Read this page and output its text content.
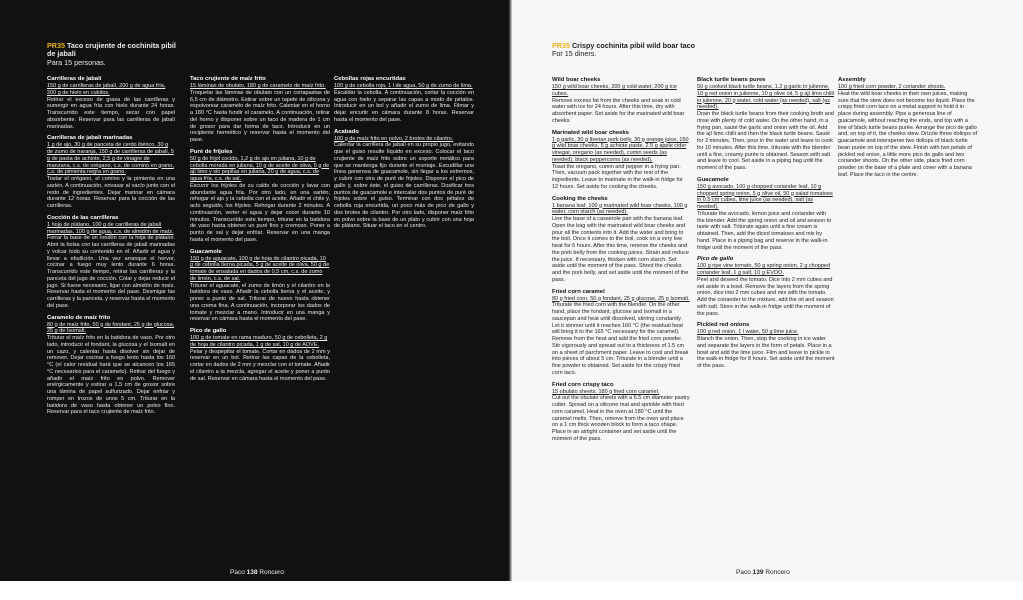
PR35 Taco crujiente de cochinita pibil de jabalí
Para 15 personas.
Carrilleras de jabalí

150 g de carrilleras de jabalí, 200 g de agua fría, 200 g de hielo en cubitos.

Retirar el exceso de grasa de las carrilleras y sumergir en agua fría con hielo durante 24 horas. Transcurrido este tiempo, secar con papel absorbente. Reservar para las carrilleras de jabalí marinadas.

Carrilleras de jabalí marinadas

1 g de ajo, 30 g de panceta de cerdo ibérico, 30 g de zumo de naranja, 150 g de carrilleras de jabalí, 5 g de pasta de achiote, 2,5 g de vinagre de manzana, c.s. de orégano, c.s. de comino en grano, c.s. de pimienta negra en grano.

Tostar el orégano, el comino y la pimienta en una sartén. A continuación, envasar al vacío junto con el resto de ingredientes. Dejar marinar en cámara durante 12 horas. Reservar para la cocción de las carrilleras.

Cocción de las carrilleras

1 hoja de plátano, 100 g de carrilleras de jabalí marinadas, 100 g de agua, c.s. de almidón de maíz.

Forrar la base de un rondón con la hoja de plátano. Abrir la bolsa con las carrilleras de jabalí marinadas y volcar todo su contenido en él. Añadir el agua y llevar a ebullición. Una vez arranque el hervor, cocinar a fuego muy lento durante 6 horas. Transcurrido este tiempo, retirar las carrilleras y la panceta del jugo de cocción. Colar y dejar reducir el jugo. Si fuese necesario, ligar con almidón de maíz. Reservar hasta el momento del pase. Desmigar las carrilleras y la panceta, y reservar hasta el momento del pase.

Caramelo de maíz frito

80 g de maíz frito, 50 g de fondant, 25 g de glucosa, 25 g de Isomalt.

Triturar el maíz frito en la batidora de vaso. Por otro lado, introducir el fondant, la glucosa y el Isomalt en un cazo, y calentar hasta disolver sin dejar de remover. Dejar cocinar a fuego lento hasta los 160 °C (el calor residual hará que se alcancen los 165 °C necesarios para el caramelo). Retirar del fuego y añadir el maíz frito en polvo. Remover enérgicamente y estirar a 1,5 cm de grosor sobre una lámina de papel sulfurizado. Dejar enfriar y romper en trozos de unos 5 cm. Triturar en la batidora de vaso hasta obtener un polvo fino. Reservar para el taco crujiente de maíz frito.

Taco crujiente de maíz frito

15 láminas de obulato, 180 g de caramelo de maíz frito.

Troquelar las láminas de obulato con un cortapastas de 6,5 cm de diámetro. Estirar sobre un tapete de silicona y espolvorear caramelo de maíz frito. Calentar en el horno a 180 °C hasta fundir el caramelo. A continuación, retirar del horno y disponer sobre un taco de madera de 1 cm de grosor para dar forma de taco. Introducir en un recipiente hermético y reservar hasta el momento del pase.

Puré de frijoles

50 g de frijol cocido, 1,2 g de ajo en juliana, 10 g de cebolla morada en juliana, 10 g de aceite de oliva, 5 g de ají limo y sin pepitas en juliana, 20 g de agua, c.s. de agua fría, c.s. de sal.

Escurrir los frijoles de su caldo de cocción y lavar con abundante agua fría. Por otro lado, en una sartén, rehogar el ajo y la cebolla con el aceite. Añadir el chile y, acto seguido, los frijoles. Rehogar durante 2 minutos. A continuación, verter el agua y dejar cocer durante 10 minutos. Transcurrido este tiempo, triturar en la batidora de vaso hasta obtener un puré fino y cremoso. Poner a punto de sal y dejar enfriar. Reservar en una manga hasta el momento del pase.

Guacamole

150 g de aguacate, 100 g de hoja de cilantro picada, 10 g de cebolla tierna picada, 5 g de aceite de oliva, 50 g de tomate de ensalada en dados de 0,5 cm, c.s. de zumo de limón, c.s. de sal.

Triturar el aguacate, el zumo de limón y el cilantro en la batidora de vaso. Añadir la cebolla tierna y el aceite, y poner a punto de sal. Triturar de nuevo hasta obtener una crema fina. A continuación, incorporar los dados de tomate y mezclar a mano. Introducir en una manga y reservar en cámara hasta el momento del pase.

Pico de gallo

100 g de tomate en rama maduro, 50 g de cebolleta, 2 g de hoja de cilantro picada, 1 g de sal, 10 g de AOVE.

Pelar y despepitar el tomate. Cortar en dados de 2 mm y reservar en un bol. Retirar las capas de la cebolleta, cortar en dados de 2 mm y mezclar con el tomate. Añadir el cilantro a la mezcla, agregar el aceite y poner a punto de sal. Reservar en cámara hasta el momento del pase.

Cebollas rojas encurtidas

100 g de cebolla roja, 1 l de agua, 50 g de zumo de lima.

Escaldar la cebolla. A continuación, cortar la cocción en agua con hielo y separar las capas a modo de pétalos. Introducir en un bol y añadir el zumo de lima. Filmar y dejar encurtir en cámara durante 8 horas. Reservar hasta el momento del pase.

Acabado

100 g de maíz frito en polvo, 2 brotes de cilantro.

Calentar la carrillera de jabalí en su propio jugo, evitando que el guiso resulte líquido en exceso. Colocar el taco crujiente de maíz frito sobre un soporte metálico para que se mantenga fijo durante el montaje. Escudillar una línea generosa de guacamole, sin llegar a los extremos, y cubrir con otra de puré de frijoles. Disponer el pico de gallo y, sobre éste, el guiso de carrilleras. Dosificar tres puntos de guacamole e intercalar dos puntos de puré de frijoles sobre el guiso. Terminar con dos pétalos de cebolla roja encurtida, un poco más de pico de gallo y dos brotes de cilantro. Por otro lado, disponer maíz frito en polvo sobre la base de un plato y cubrir con una hoja de plátano. Situar el taco en el centro.

Paco 138 Roncero
PR35 Crispy cochinita pibil wild boar taco
For 15 diners.
Wild boar cheeks

150 g wild boar cheeks, 200 g cold water, 200 g ice cubes.

Remove excess fat from the cheeks and soak in cold water with ice for 24 hours. After this time, dry with absorbent paper. Set aside for the marinated wild boar cheeks.

Marinated wild boar cheeks

1 g garlic, 30 g Iberian pork belly, 30 g orange juice, 150 g wild boar cheeks, 5 g achiote paste, 2.5 g apple cider vinegar, oregano (as needed), cumin seeds (as needed), black peppercorns (as needed).

Toast the oregano, cumin and pepper in a frying pan. Then, vacuum pack together with the rest of the ingredients. Leave to marinate in the walk-in fridge for 12 hours. Set aside for cooking the cheeks.

Cooking the cheeks

1 banana leaf, 100 g marinated wild boar cheeks, 100 g water, corn starch (as needed).

Line the base of a casserole pan with the banana leaf. Open the bag with the marinated wild boar cheeks and pour all the contents into it. Add the water and bring to the boil. Once it comes to the boil, cook on a very low heat for 6 hours. After this time, remove the cheeks and the pork belly from the cooking juices. Strain and reduce the juice. If necessary, thicken with corn starch. Set aside until the moment of the pass. Shred the cheeks and the pork belly, and set aside until the moment of the pass.

Fried corn caramel

80 g fried corn, 50 g fondant, 25 g glucose, 25 g Isomalt.

Triturate the fried corn with the blender. On the other hand, place the fondant, glucose and Isomalt in a saucepan and heat until dissolved, stirring constantly. Let it simmer until it reaches 160 °C (the residual heat will bring it to the 165 °C necessary for the caramel). Remove from the heat and add the fried corn powder. Stir vigorously and spread out to a thickness of 1.5 cm on a sheet of parchment paper. Leave to cool and break into pieces of about 5 cm. Triturate in a blender until a fine powder is obtained. Set aside for the crispy fried corn taco.

Fried corn crispy taco

15 obulato sheets, 180 g fried corn caramel.

Cut out the obulato sheets with a 6.5 cm diameter pastry cutter. Spread on a silicone mat and sprinkle with fried corn caramel. Heat in the oven at 180 °C until the caramel melts. Then, remove from the oven and place on a 1 cm thick wooden block to form a taco shape. Place in an airtight container and set aside until the moment of the pass.

Black turtle beans puree

50 g cooked black turtle beans, 1.2 g garlic in julienne, 10 g red onion in julienne, 10 g olive oil, 5 g ají limo chilli in julienne, 20 g water, cold water (as needed), salt (as needed).

Drain the black turtle beans from their cooking broth and rinse with plenty of cold water. On the other hand, in a frying pan, sauté the garlic and onion with the oil. Add the ají limo chilli and then the black turtle beans. Sauté for 2 minutes. Then, pour in the water and leave to cook for 10 minutes. After this time, triturate with the blender until a fine, creamy purée is obtained. Season with salt and leave to cool. Set aside in a piping bag until the moment of the pass.

Guacamole

150 g avocado, 100 g chopped coriander leaf, 10 g chopped spring onion, 5 g olive oil, 50 g salad tomatoes in 0.5 cm cubes, lime juice (as needed), salt (as needed).

Triturate the avocado, lemon juice and coriander with the blender. Add the spring onion and oil and season to taste with salt. Triturate again until a fine cream is obtained. Then, add the diced tomatoes and mix by hand. Place in a piping bag and reserve in the walk-in fridge until the moment of the pass.

Pico de gallo

100 g ripe vine tomato, 50 g spring onion, 2 g chopped coriander leaf, 1 g salt, 10 g EVOO.

Peel and deseed the tomato. Dice into 2 mm cubes and set aside in a bowl. Remove the layers from the spring onion, dice into 2 mm cubes and mix with the tomato. Add the coriander to the mixture, add the oil and season with salt. Store in the walk-in fridge until the moment of the pass.

Pickled red onions

100 g red onion, 1 l water, 50 g lime juice.

Blanch the onion. Then, stop the cooking in ice water and separate the layers in the form of petals. Place in a bowl and add the lime juice. Film and leave to pickle in the walk-in fridge for 8 hours. Set aside until the moment of the pass.

Assembly

100 g fried corn powder, 2 coriander shoots.

Heat the wild boar cheeks in their own juices, making sure that the stew does not become too liquid. Place the crispy fried corn taco on a metal support to hold it in place during assembly. Pipe a generous line of guacamole, without reaching the ends, and top with a line of black turtle beans purée. Arrange the pico de gallo and, on top of it, the cheeks stew. Drizzle three dollops of guacamole and intersperse two dollops of black turtle bean purée on top of the stew. Finish with two petals of pickled red onion, a little more pico de gallo and two coriander shoots. On the other side, place fried corn powder on the base of a plate and cover with a banana leaf. Place the taco in the centre.

Paco 139 Roncero
